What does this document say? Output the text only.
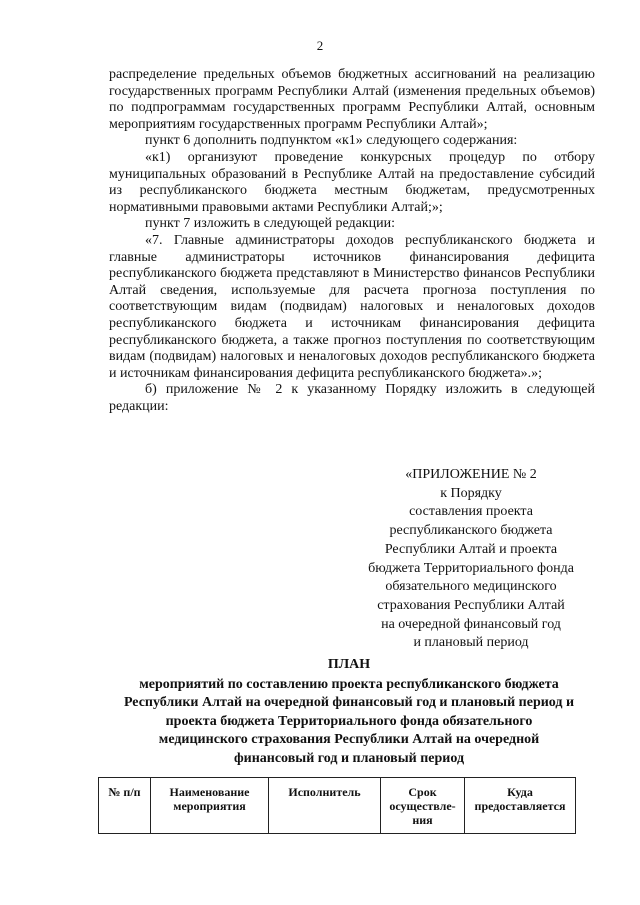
2

распределение предельных объемов бюджетных ассигнований на реализацию государственных программ Республики Алтай (изменения предельных объемов) по подпрограммам государственных программ Республики Алтай, основным мероприятиям государственных программ Республики Алтай»;

пункт 6 дополнить подпунктом «к1» следующего содержания:

«к1) организуют проведение конкурсных процедур по отбору муниципальных образований в Республике Алтай на предоставление субсидий из республиканского бюджета местным бюджетам, предусмотренных нормативными правовыми актами Республики Алтай;»;

пункт 7 изложить в следующей редакции:

«7. Главные администраторы доходов республиканского бюджета и главные администраторы источников финансирования дефицита республиканского бюджета представляют в Министерство финансов Республики Алтай сведения, используемые для расчета прогноза поступления по соответствующим видам (подвидам) налоговых и неналоговых доходов республиканского бюджета и источникам финансирования дефицита республиканского бюджета, а также прогноз поступления по соответствующим видам (подвидам) налоговых и неналоговых доходов республиканского бюджета и источникам финансирования дефицита республиканского бюджета».»;

б) приложение № 2 к указанному Порядку изложить в следующей редакции:

«ПРИЛОЖЕНИЕ № 2
к Порядку
составления проекта
республиканского бюджета
Республики Алтай и проекта
бюджета Территориального фонда
обязательного медицинского
страхования Республики Алтай
на очередной финансовый год
и плановый период
ПЛАН
мероприятий по составлению проекта республиканского бюджета
Республики Алтай на очередной финансовый год и плановый период и
проекта бюджета Территориального фонда обязательного
медицинского страхования Республики Алтай на очередной
финансовый год и плановый период
№ п/п	Наименование мероприятия	Исполнитель	Срок осуществле-ния	Куда предоставляется
